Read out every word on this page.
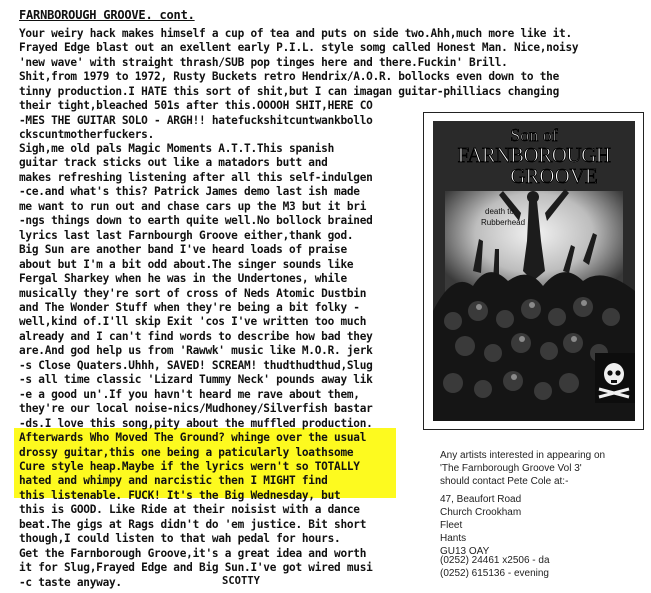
FARNBOROUGH GROOVE. cont.
Your weiry hack makes himself a cup of tea and puts on side two.Ahh,much more like it.
Frayed Edge blast out an exellent early P.I.L. style somg called Honest Man. Nice,noisy
'new wave' with straight thrash/SUB pop tinges here and there.Fuckin' Brill.
Shit,from 1979 to 1972, Rusty Buckets retro Hendrix/A.O.R. bollocks even down to the
tinny production.I HATE this sort of shit,but I can imagan guitar-philliacs changing
their tight,bleached 501s after this.OOOOH SHIT,HERE CO
-MES THE GUITAR SOLO - ARGH!! hatefuckshitcuntwankbollo
ckscuntmotherfuckers.
Sigh,me old pals Magic Moments A.T.T.This spanish
guitar track sticks out like a matadors butt and
makes refreshing listening after all this self-indulgen
-ce.and what's this? Patrick James demo last ish made
me want to run out and chase cars up the M3 but it bri
-ngs things down to earth quite well.No bollock brained
lyrics last last Farnbourgh Groove either,thank god.
Big Sun are another band I've heard loads of praise
about but I'm a bit odd about.The singer sounds like
Fergal Sharkey when he was in the Undertones, while
musically they're sort of cross of Neds Atomic Dustbin
and The Wonder Stuff when they're being a bit folky -
well,kind of.I'll skip Exit 'cos I've written too much
already and I can't find words to describe how bad they
are.And god help us from 'Rawwk' music like M.O.R. jerk
-s Close Quaters.Uhhh, SAVED! SCREAM! thudthudthud,Slug
-s all time classic 'Lizard Tummy Neck' pounds away lik
-e a good un'.If you havn't heard me rave about them,
they're our local noise-nics/Mudhoney/Silverfish bastar
-ds.I love this song,pity about the muffled production.
Afterwards Who Moved The Ground? whinge over the usual
drossy guitar,this one being a paticularly loathsome
Cure style heap.Maybe if the lyrics wern't so TOTALLY
hated and whimpy and narcistic then I MIGHT find
this listenable. FUCK! It's the Big Wednesday, but
this is GOOD. Like Ride at their noisist with a dance
beat.The gigs at Rags didn't do 'em justice. Bit short
though,I could listen to that wah pedal for hours.
Get the Farnborough Groove,it's a great idea and worth
it for Slug,Frayed Edge and Big Sun.I've got wired musi
-c taste anyway.	SCOTTY
Son of
FARNBOROUGH
GROOVE
death to
Rubberhead
Any artists interested in appearing on
'The Farnborough Groove Vol 3'
should contact Pete Cole at:-
47, Beaufort Road
Church Crookham
Fleet
Hants
GU13 OAY
(0252) 24461 x2506 - da
(0252) 615136 - evening
